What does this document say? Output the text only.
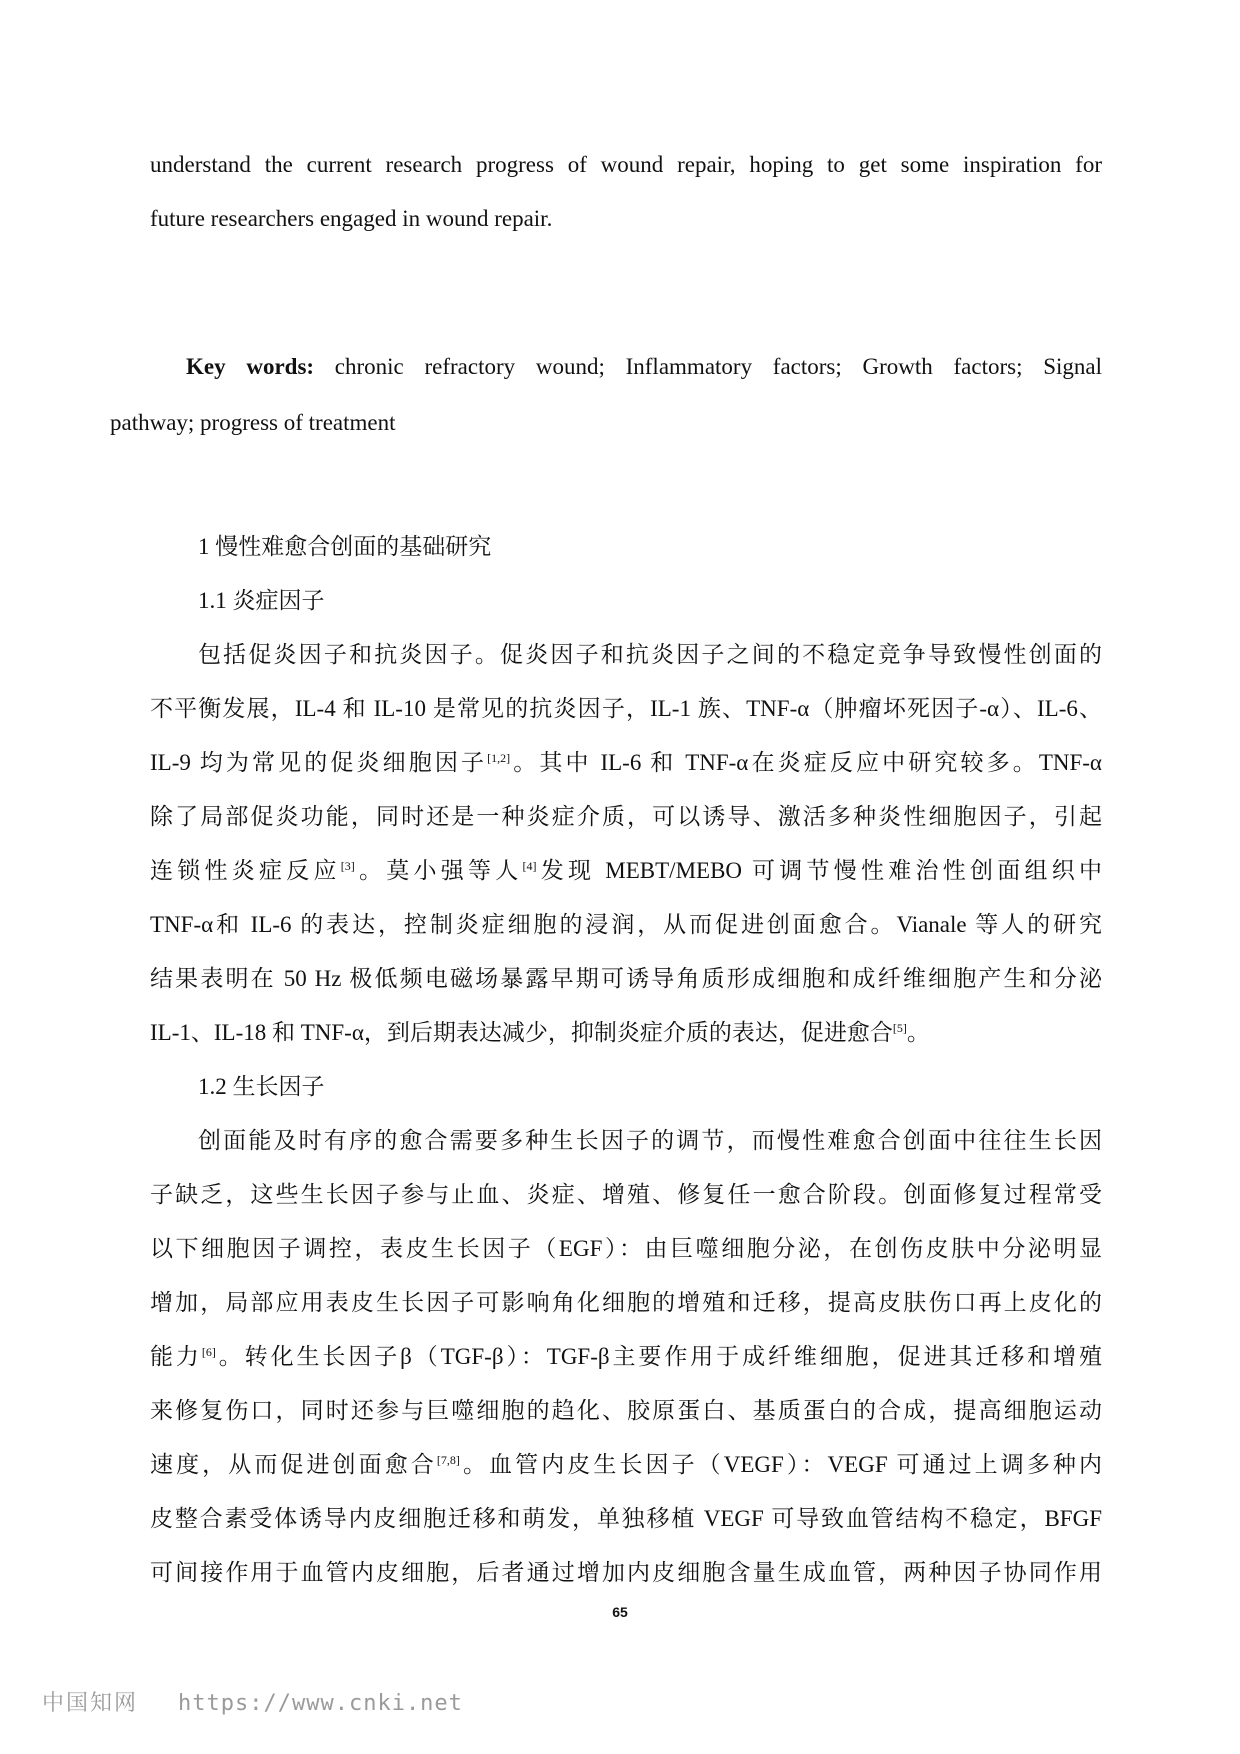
understand the current research progress of wound repair, hoping to get some inspiration for

future researchers engaged in wound repair.

Key words: chronic refractory wound; Inflammatory factors; Growth factors; Signal

pathway; progress of treatment

1 慢性难愈合创面的基础研究

1.1 炎症因子

包括促炎因子和抗炎因子。促炎因子和抗炎因子之间的不稳定竞争导致慢性创面的

不平衡发展，IL-4 和 IL-10 是常见的抗炎因子，IL-1 族、TNF-α（肿瘤坏死因子-α）、IL-6、

IL-9 均为常见的促炎细胞因子[1,2]。其中 IL-6 和 TNF-α在炎症反应中研究较多。TNF-α

除了局部促炎功能，同时还是一种炎症介质，可以诱导、激活多种炎性细胞因子，引起

连锁性炎症反应[3]。莫小强等人[4]发现 MEBT/MEBO 可调节慢性难治性创面组织中

TNF-α和 IL-6 的表达，控制炎症细胞的浸润，从而促进创面愈合。Vianale 等人的研究

结果表明在 50 Hz 极低频电磁场暴露早期可诱导角质形成细胞和成纤维细胞产生和分泌

IL-1、IL-18 和 TNF-α，到后期表达减少，抑制炎症介质的表达，促进愈合[5]。

1.2 生长因子

创面能及时有序的愈合需要多种生长因子的调节，而慢性难愈合创面中往往生长因

子缺乏，这些生长因子参与止血、炎症、增殖、修复任一愈合阶段。创面修复过程常受

以下细胞因子调控，表皮生长因子（EGF）：由巨噬细胞分泌，在创伤皮肤中分泌明显

增加，局部应用表皮生长因子可影响角化细胞的增殖和迁移，提高皮肤伤口再上皮化的

能力[6]。转化生长因子β（TGF-β）：TGF-β主要作用于成纤维细胞，促进其迁移和增殖

来修复伤口，同时还参与巨噬细胞的趋化、胶原蛋白、基质蛋白的合成，提高细胞运动

速度，从而促进创面愈合[7,8]。血管内皮生长因子（VEGF）：VEGF 可通过上调多种内

皮整合素受体诱导内皮细胞迁移和萌发，单独移植 VEGF 可导致血管结构不稳定，BFGF

可间接作用于血管内皮细胞，后者通过增加内皮细胞含量生成血管，两种因子协同作用

65
中国知网 https://www.cnki.net
